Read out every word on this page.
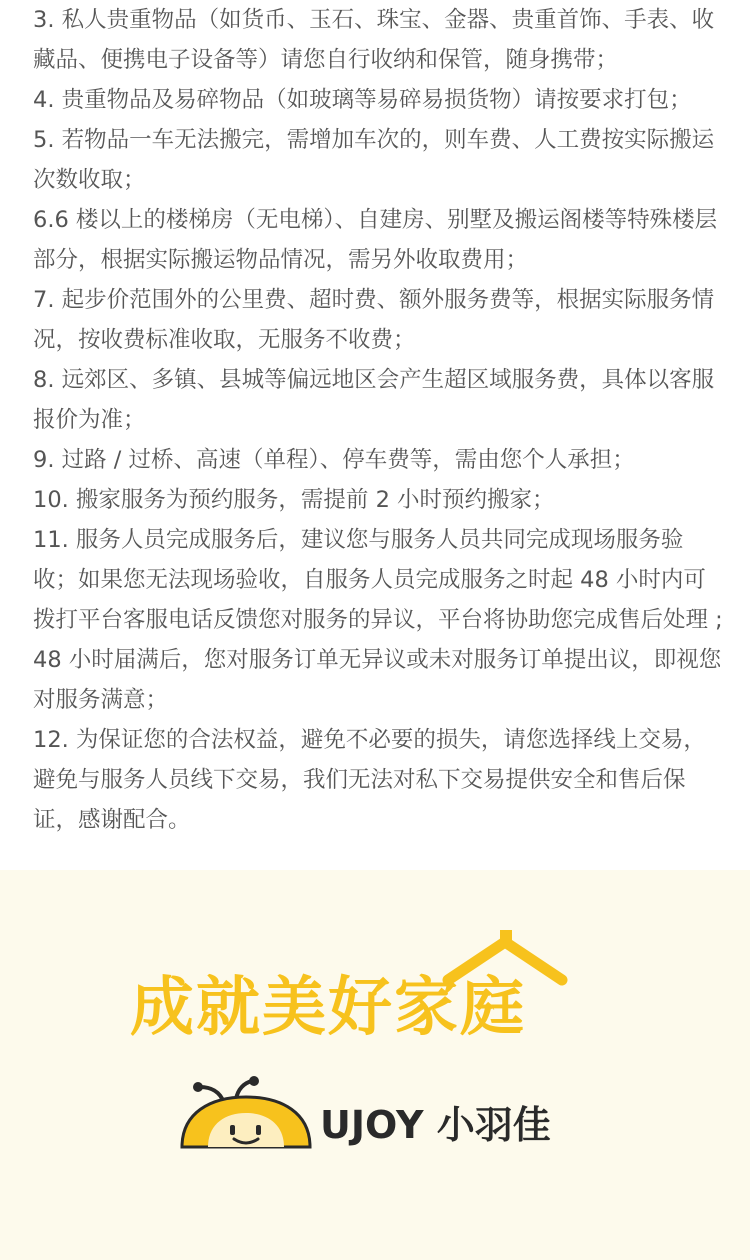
3. 私人贵重物品（如货币、玉石、珠宝、金器、贵重首饰、手表、收藏品、便携电子设备等）请您自行收纳和保管，随身携带；
4. 贵重物品及易碎物品（如玻璃等易碎易损货物）请按要求打包；
5. 若物品一车无法搬完，需增加车次的，则车费、人工费按实际搬运次数收取；
6.6 楼以上的楼梯房（无电梯）、自建房、别墅及搬运阁楼等特殊楼层部分，根据实际搬运物品情况，需另外收取费用；
7. 起步价范围外的公里费、超时费、额外服务费等，根据实际服务情况，按收费标准收取，无服务不收费；
8. 远郊区、多镇、县城等偏远地区会产生超区域服务费，具体以客服报价为准；
9. 过路 / 过桥、高速（单程）、停车费等，需由您个人承担；
10. 搬家服务为预约服务，需提前 2 小时预约搬家；
11. 服务人员完成服务后，建议您与服务人员共同完成现场服务验收；如果您无法现场验收，自服务人员完成服务之时起 48 小时内可拨打平台客服电话反馈您对服务的异议，平台将协助您完成售后处理 ;48 小时届满后，您对服务订单无异议或未对服务订单提出议，即视您对服务满意；
12. 为保证您的合法权益，避免不必要的损失，请您选择线上交易，避免与服务人员线下交易，我们无法对私下交易提供安全和售后保证，感谢配合。
成就美好家庭
UJOY 小羽佳
